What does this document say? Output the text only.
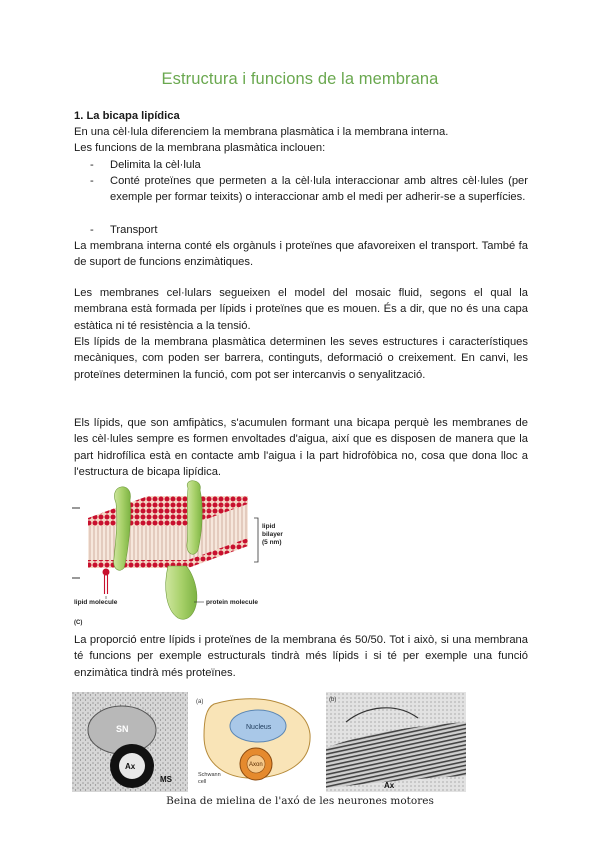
Estructura i funcions de la membrana
1. La bicapa lipídica
En una cèl·lula diferenciem la membrana plasmàtica i la membrana interna.
Les funcions de la membrana plasmàtica inclouen:
- Delimita la cèl·lula
- Conté proteïnes que permeten a la cèl·lula interaccionar amb altres cèl·lules (per exemple per formar teixits) o interaccionar amb el medi per adherir-se a superfícies.
- Transport
La membrana interna conté els orgànuls i proteïnes que afavoreixen el transport. També fa de suport de funcions enzimàtiques.
Les membranes cel·lulars segueixen el model del mosaic fluid, segons el qual la membrana està formada per lípids i proteïnes que es mouen. És a dir, que no és una capa estàtica ni té resistència a la tensió.
Els lípids de la membrana plasmàtica determinen les seves estructures i característiques mecàniques, com poden ser barrera, continguts, deformació o creixement. En canvi, les proteïnes determinen la funció, com pot ser intercanvis o senyalització.
Els lípids, que son amfipàtics, s'acumulen formant una bicapa perquè les membranes de les cèl·lules sempre es formen envoltades d'aigua, així que es disposen de manera que la part hidrofílica està en contacte amb l'aigua i la part hidrofòbica no, cosa que dona lloc a l'estructura de bicapa lipídica.
lipid
bilayer
(5 nm)
lipid molecule	protein molecule
(C)
La proporció entre lípids i proteïnes de la membrana és 50/50. Tot i això, si una membrana té funcions per exemple estructurals tindrà més lípids i si té per exemple una funció enzimàtica tindrà més proteïnes.
SN
Ax
MS
(a)
Nucleus
Axon
Schwann
cell
(b)
Ax
Beina de mielina de l'axó de les neurones motores
